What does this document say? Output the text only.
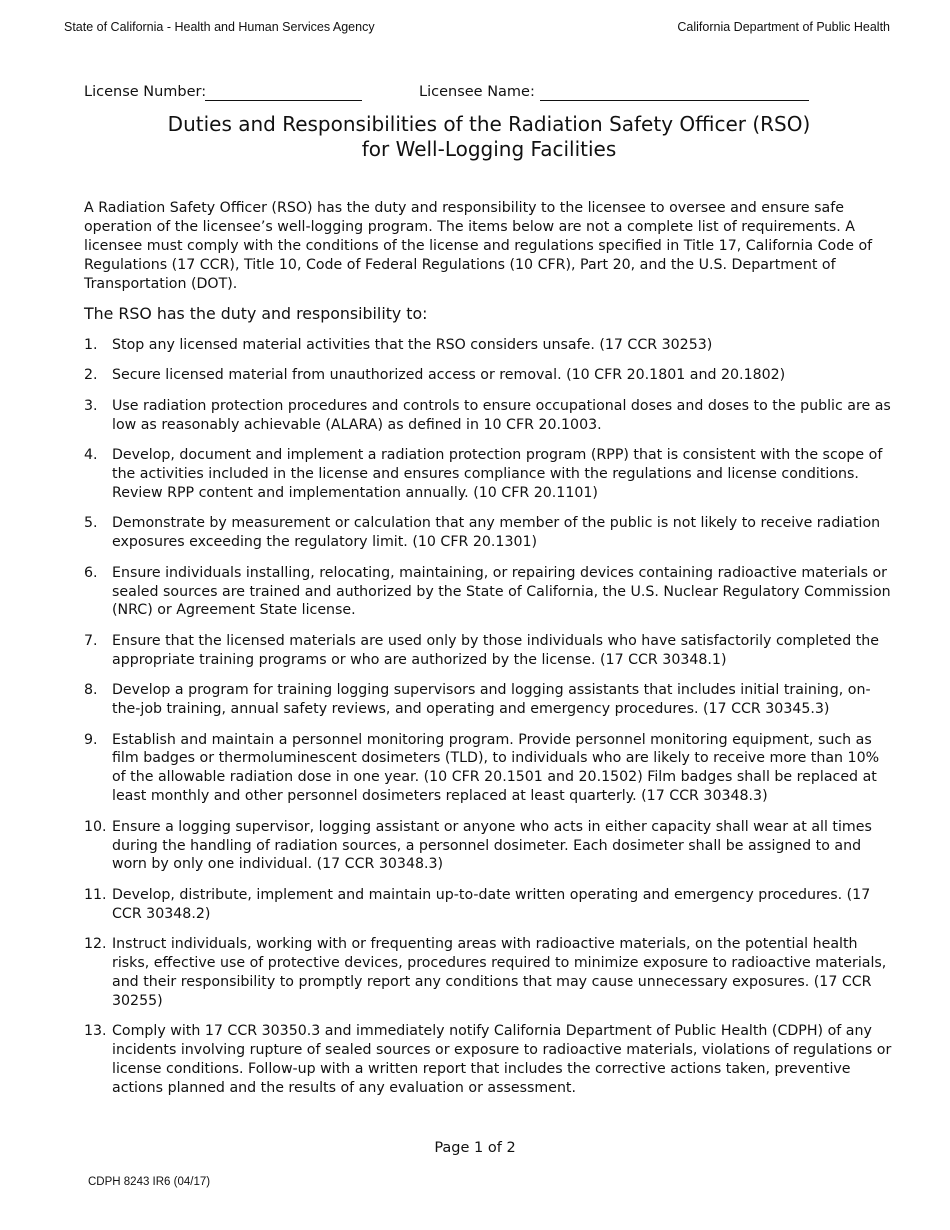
State of California - Health and Human Services Agency	California Department of Public Health
License Number:	Licensee Name:
Duties and Responsibilities of the Radiation Safety Officer (RSO)
for Well-Logging Facilities

A Radiation Safety Officer (RSO) has the duty and responsibility to the licensee to oversee and ensure safe operation of the licensee’s well-logging program. The items below are not a complete list of requirements. A licensee must comply with the conditions of the license and regulations specified in Title 17, California Code of Regulations (17 CCR), Title 10, Code of Federal Regulations (10 CFR), Part 20, and the U.S. Department of Transportation (DOT).

The RSO has the duty and responsibility to:

1. Stop any licensed material activities that the RSO considers unsafe. (17 CCR 30253)
2. Secure licensed material from unauthorized access or removal. (10 CFR 20.1801 and 20.1802)
3. Use radiation protection procedures and controls to ensure occupational doses and doses to the public are as low as reasonably achievable (ALARA) as defined in 10 CFR 20.1003.
4. Develop, document and implement a radiation protection program (RPP) that is consistent with the scope of the activities included in the license and ensures compliance with the regulations and license conditions. Review RPP content and implementation annually. (10 CFR 20.1101)
5. Demonstrate by measurement or calculation that any member of the public is not likely to receive radiation exposures exceeding the regulatory limit. (10 CFR 20.1301)
6. Ensure individuals installing, relocating, maintaining, or repairing devices containing radioactive materials or sealed sources are trained and authorized by the State of California, the U.S. Nuclear Regulatory Commission (NRC) or Agreement State license.
7. Ensure that the licensed materials are used only by those individuals who have satisfactorily completed the appropriate training programs or who are authorized by the license. (17 CCR 30348.1)
8. Develop a program for training logging supervisors and logging assistants that includes initial training, on-the-job training, annual safety reviews, and operating and emergency procedures. (17 CCR 30345.3)
9. Establish and maintain a personnel monitoring program. Provide personnel monitoring equipment, such as film badges or thermoluminescent dosimeters (TLD), to individuals who are likely to receive more than 10% of the allowable radiation dose in one year. (10 CFR 20.1501 and 20.1502) Film badges shall be replaced at least monthly and other personnel dosimeters replaced at least quarterly. (17 CCR 30348.3)
10. Ensure a logging supervisor, logging assistant or anyone who acts in either capacity shall wear at all times during the handling of radiation sources, a personnel dosimeter. Each dosimeter shall be assigned to and worn by only one individual. (17 CCR 30348.3)
11. Develop, distribute, implement and maintain up-to-date written operating and emergency procedures. (17 CCR 30348.2)
12. Instruct individuals, working with or frequenting areas with radioactive materials, on the potential health risks, effective use of protective devices, procedures required to minimize exposure to radioactive materials, and their responsibility to promptly report any conditions that may cause unnecessary exposures. (17 CCR 30255)
13. Comply with 17 CCR 30350.3 and immediately notify California Department of Public Health (CDPH) of any incidents involving rupture of sealed sources or exposure to radioactive materials, violations of regulations or license conditions. Follow-up with a written report that includes the corrective actions taken, preventive actions planned and the results of any evaluation or assessment.
Page 1 of 2
CDPH 8243 IR6 (04/17)
